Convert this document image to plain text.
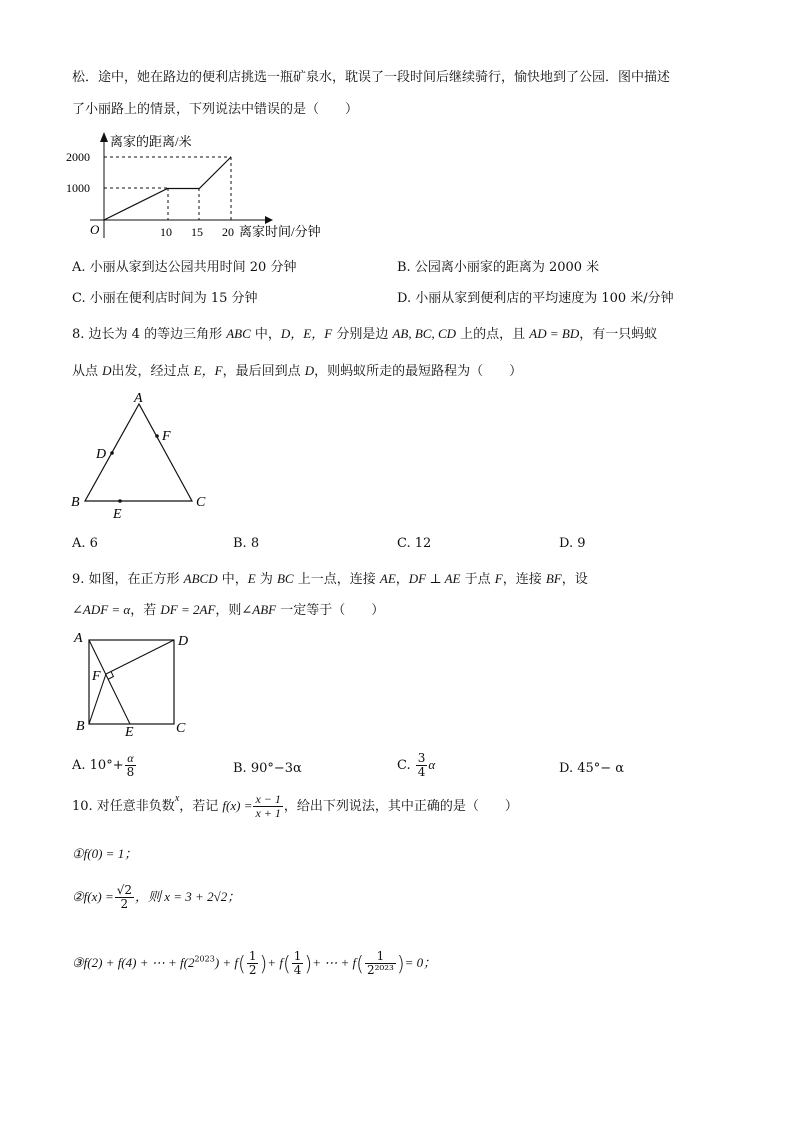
松．途中，她在路边的便利店挑选一瓶矿泉水，耽误了一段时间后继续骑行，愉快地到了公园．图中描述
了小丽路上的情景，下列说法中错误的是（　　）
离家的距离/米
离家时间/分钟
2000
1000
O	10 15 20
A. 小丽从家到达公园共用时间 20 分钟	B. 公园离小丽家的距离为 2000 米
C. 小丽在便利店时间为 15 分钟	D. 小丽从家到便利店的平均速度为 100 米/分钟
8. 边长为 4 的等边三角形 ABC 中，D，E，F 分别是边 AB, BC, CD 上的点，且 AD = BD，有一只蚂蚁
从点 D出发，经过点 E，F，最后回到点 D，则蚂蚁所走的最短路程为（　　）
A
B	C
D
F
E
A. 6	B. 8	C. 12	D. 9
9. 如图，在正方形 ABCD 中，E 为 BC 上一点，连接 AE，DF ⊥ AE 于点 F，连接 BF，设
∠ADF = α，若 DF = 2AF，则∠ABF 一定等于（　　）
A	D
B	C
E
F
A. $10^\circ+ \frac{\alpha}{8}$	B. 90°−3α	C. $\frac{3}{4}$ α	D. 45°− α
10. 对任意非负数$^x$，若记 $f(x) = \frac{x - 1}{x + 1}$ ，给出下列说法，其中正确的是（　　）
①f(0) = 1；
②f(x) = $\frac{√2}{2}$ ，则 x = 3 + 2√2；
③f(2) + f(4) + ⋯ + $f(2^{2023}) + f( \frac{1}{2}$ )+ $f( \frac{1}{4}$ )+ ⋯ + $f( \frac{1}{\text{2²⁰²³}}$ )= 0；
